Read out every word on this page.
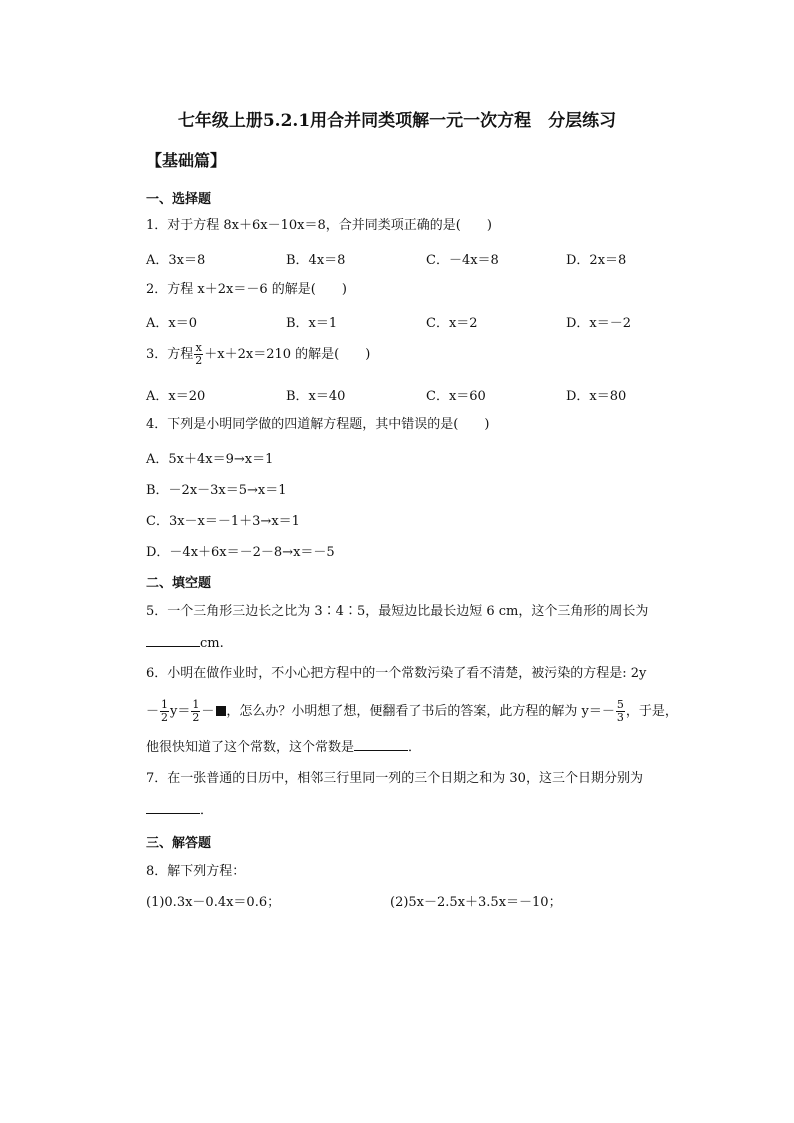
七年级上册5.2.1用合并同类项解一元一次方程　分层练习
【基础篇】
一、选择题
1．对于方程 8x＋6x－10x＝8，合并同类项正确的是(　　)
A．3x＝8	B．4x＝8	C．－4x＝8	D．2x＝8
2．方程 x＋2x＝－6 的解是(　　)
A．x＝0	B．x＝1	C．x＝2	D．x＝－2
3．方程 $\frac{x}{2} +x+2x=210$ 的解是(　　)
A．x＝20	B．x＝40	C．x＝60	D．x＝80
4．下列是小明同学做的四道解方程题，其中错误的是(　　)
A．5x＋4x＝9→x＝1
B．－2x－3x＝5→x＝1
C．3x－x＝－1＋3→x＝1
D．－4x＋6x＝－2－8→x＝－5
二、填空题
5．一个三角形三边长之比为 3∶4∶5，最短边比最长边短 6 cm，这个三角形的周长为
cm.
6．小明在做作业时，不小心把方程中的一个常数污染了看不清楚，被污染的方程是: 2y
－ $\frac{1}{2} y= \frac{1}{2}$ － ，怎么办？小明想了想，便翻看了书后的答案，此方程的解为 $y=- \frac{5}{3}$ ，于是，
他很快知道了这个常数，这个常数是	．
7．在一张普通的日历中，相邻三行里同一列的三个日期之和为 30，这三个日期分别为
．
三、解答题
8．解下列方程：
(1)0.3x－0.4x＝0.6；	(2)5x－2.5x＋3.5x＝－10；
